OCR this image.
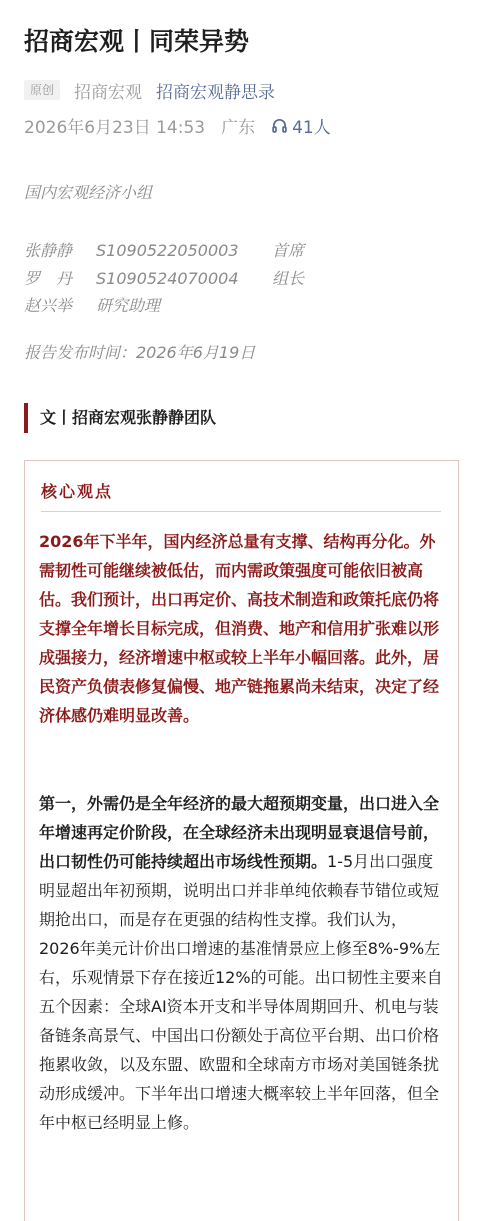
招商宏观丨同荣异势
原创	招商宏观 招商宏观静思录
2026年6月23日 14:53 广东 41人
国内宏观经济小组
张静静 S1090522050003 首席
罗　丹 S1090524070004 组长
赵兴举 研究助理
报告发布时间：2026年6月19日
文丨招商宏观张静静团队
核心观点
2026年下半年，国内经济总量有支撑、结构再分化。外需韧性可能继续被低估，而内需政策强度可能依旧被高估。我们预计，出口再定价、高技术制造和政策托底仍将支撑全年增长目标完成，但消费、地产和信用扩张难以形成强接力，经济增速中枢或较上半年小幅回落。此外，居民资产负债表修复偏慢、地产链拖累尚未结束，决定了经济体感仍难明显改善。
第一，外需仍是全年经济的最大超预期变量，出口进入全年增速再定价阶段，在全球经济未出现明显衰退信号前，出口韧性仍可能持续超出市场线性预期。1-5月出口强度明显超出年初预期，说明出口并非单纯依赖春节错位或短期抢出口，而是存在更强的结构性支撑。我们认为，2026年美元计价出口增速的基准情景应上修至8%-9%左右，乐观情景下存在接近12%的可能。出口韧性主要来自五个因素：全球AI资本开支和半导体周期回升、机电与装备链条高景气、中国出口份额处于高位平台期、出口价格拖累收敛，以及东盟、欧盟和全球南方市场对美国链条扰动形成缓冲。下半年出口增速大概率较上半年回落，但全年中枢已经明显上修。
